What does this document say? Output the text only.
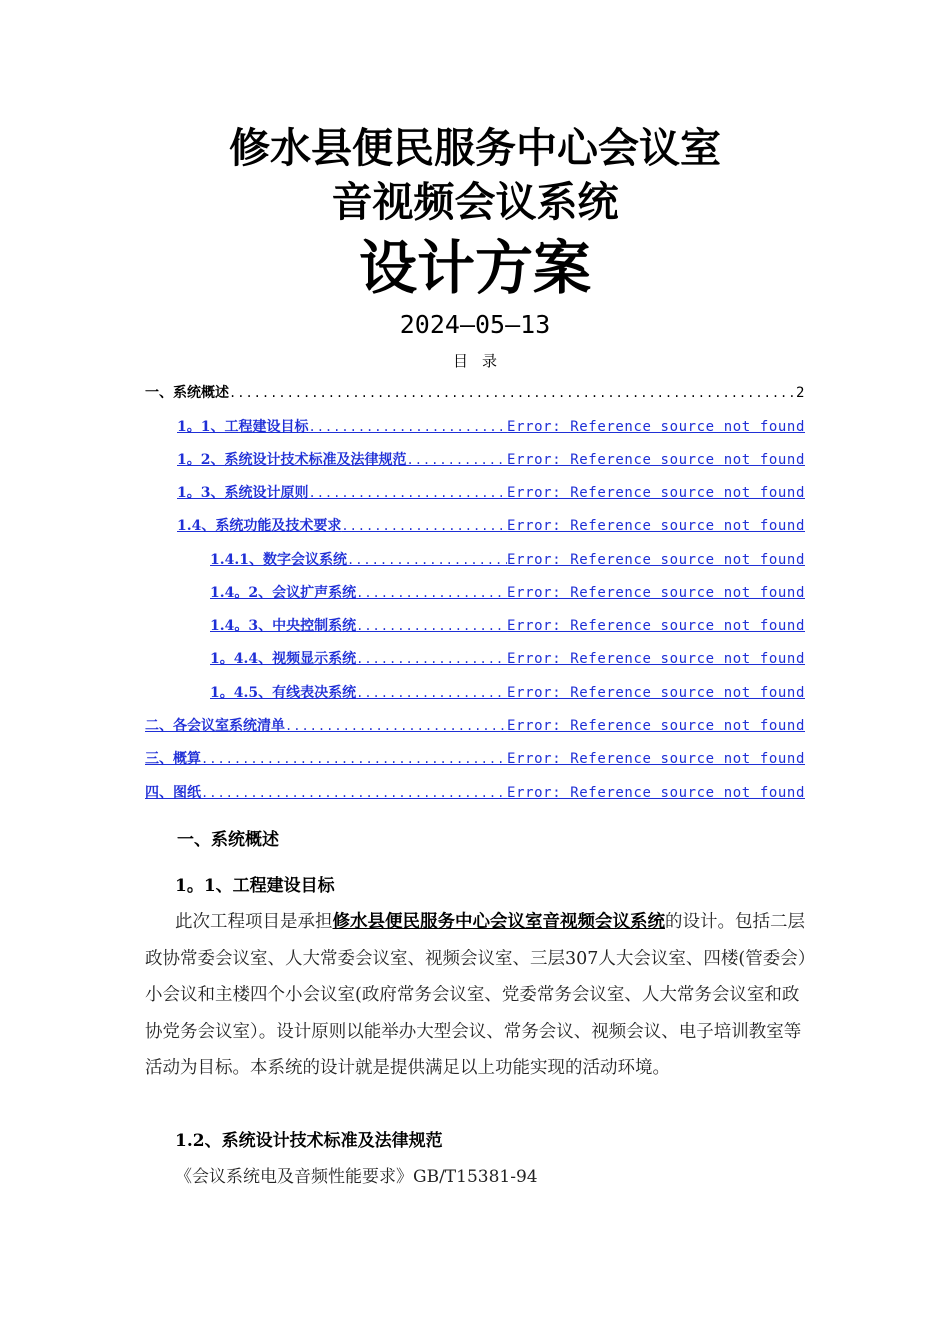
修水县便民服务中心会议室
音视频会议系统
设计方案
2024—05—13
目录
一、系统概述 .....	2
1。1、工程建设目标 .....	Error: Reference source not found
1。2、系统设计技术标准及法律规范 .....	Error: Reference source not found
1。3、系统设计原则 .....	Error: Reference source not found
1.4、系统功能及技术要求 .....	Error: Reference source not found
1.4.1、数字会议系统 .....	Error: Reference source not found
1.4。2、会议扩声系统 .....	Error: Reference source not found
1.4。3、中央控制系统 .....	Error: Reference source not found
1。4.4、视频显示系统 .....	Error: Reference source not found
1。4.5、有线表决系统 .....	Error: Reference source not found
二、各会议室系统清单 .....	Error: Reference source not found
三、概算 .....	Error: Reference source not found
四、图纸 .....	Error: Reference source not found
一、系统概述
1。1、工程建设目标
此次工程项目是承担修水县便民服务中心会议室音视频会议系统的设计。包括二层政协常委会议室、人大常委会议室、视频会议室、三层307人大会议室、四楼(管委会）小会议和主楼四个小会议室(政府常务会议室、党委常务会议室、人大常务会议室和政协党务会议室）。设计原则以能举办大型会议、常务会议、视频会议、电子培训教室等活动为目标。本系统的设计就是提供满足以上功能实现的活动环境。
1.2、系统设计技术标准及法律规范
《会议系统电及音频性能要求》GB/T15381-94
